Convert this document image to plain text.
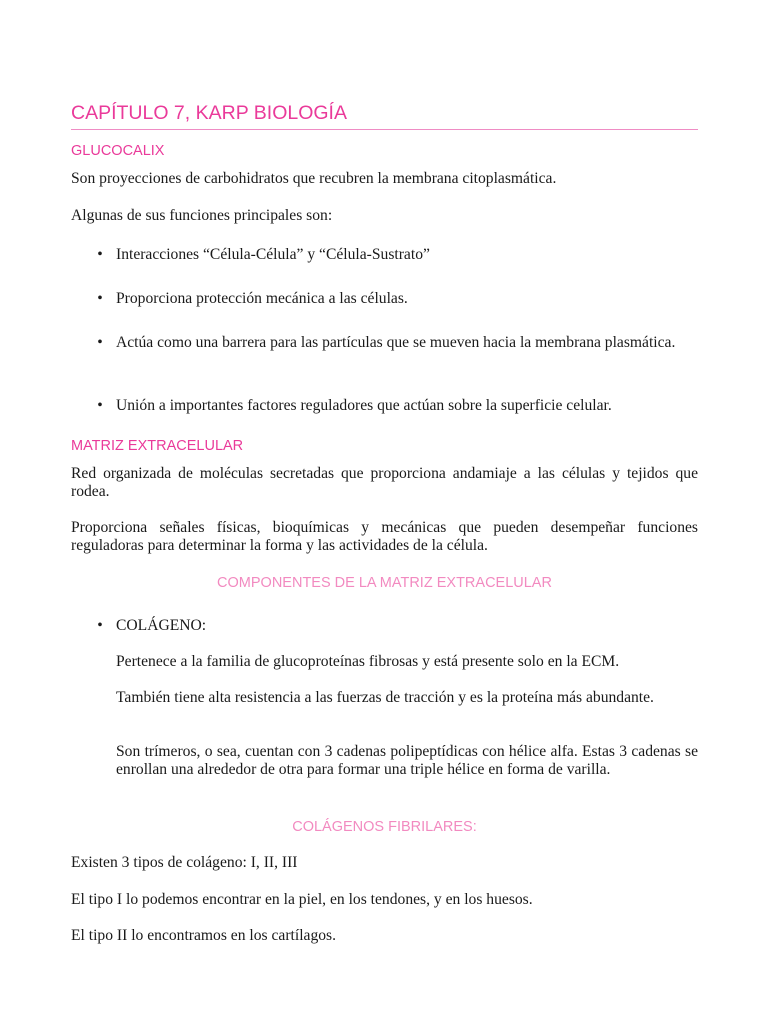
CAPÍTULO 7, KARP BIOLOGÍA
GLUCOCALIX

Son proyecciones de carbohidratos que recubren la membrana citoplasmática.

Algunas de sus funciones principales son:

• Interacciones “Célula-Célula” y “Célula-Sustrato”
• Proporciona protección mecánica a las células.
• Actúa como una barrera para las partículas que se mueven hacia la membrana plasmática.
• Unión a importantes factores reguladores que actúan sobre la superficie celular.
MATRIZ EXTRACELULAR

Red organizada de moléculas secretadas que proporciona andamiaje a las células y tejidos que rodea.

Proporciona señales físicas, bioquímicas y mecánicas que pueden desempeñar funciones reguladoras para determinar la forma y las actividades de la célula.

COMPONENTES DE LA MATRIZ EXTRACELULAR
• COLÁGENO:

Pertenece a la familia de glucoproteínas fibrosas y está presente solo en la ECM.

También tiene alta resistencia a las fuerzas de tracción y es la proteína más abundante.

Son trímeros, o sea, cuentan con 3 cadenas polipeptídicas con hélice alfa. Estas 3 cadenas se enrollan una alrededor de otra para formar una triple hélice en forma de varilla.

COLÁGENOS FIBRILARES:

Existen 3 tipos de colágeno: I, II, III

El tipo I lo podemos encontrar en la piel, en los tendones, y en los huesos.

El tipo II lo encontramos en los cartílagos.
